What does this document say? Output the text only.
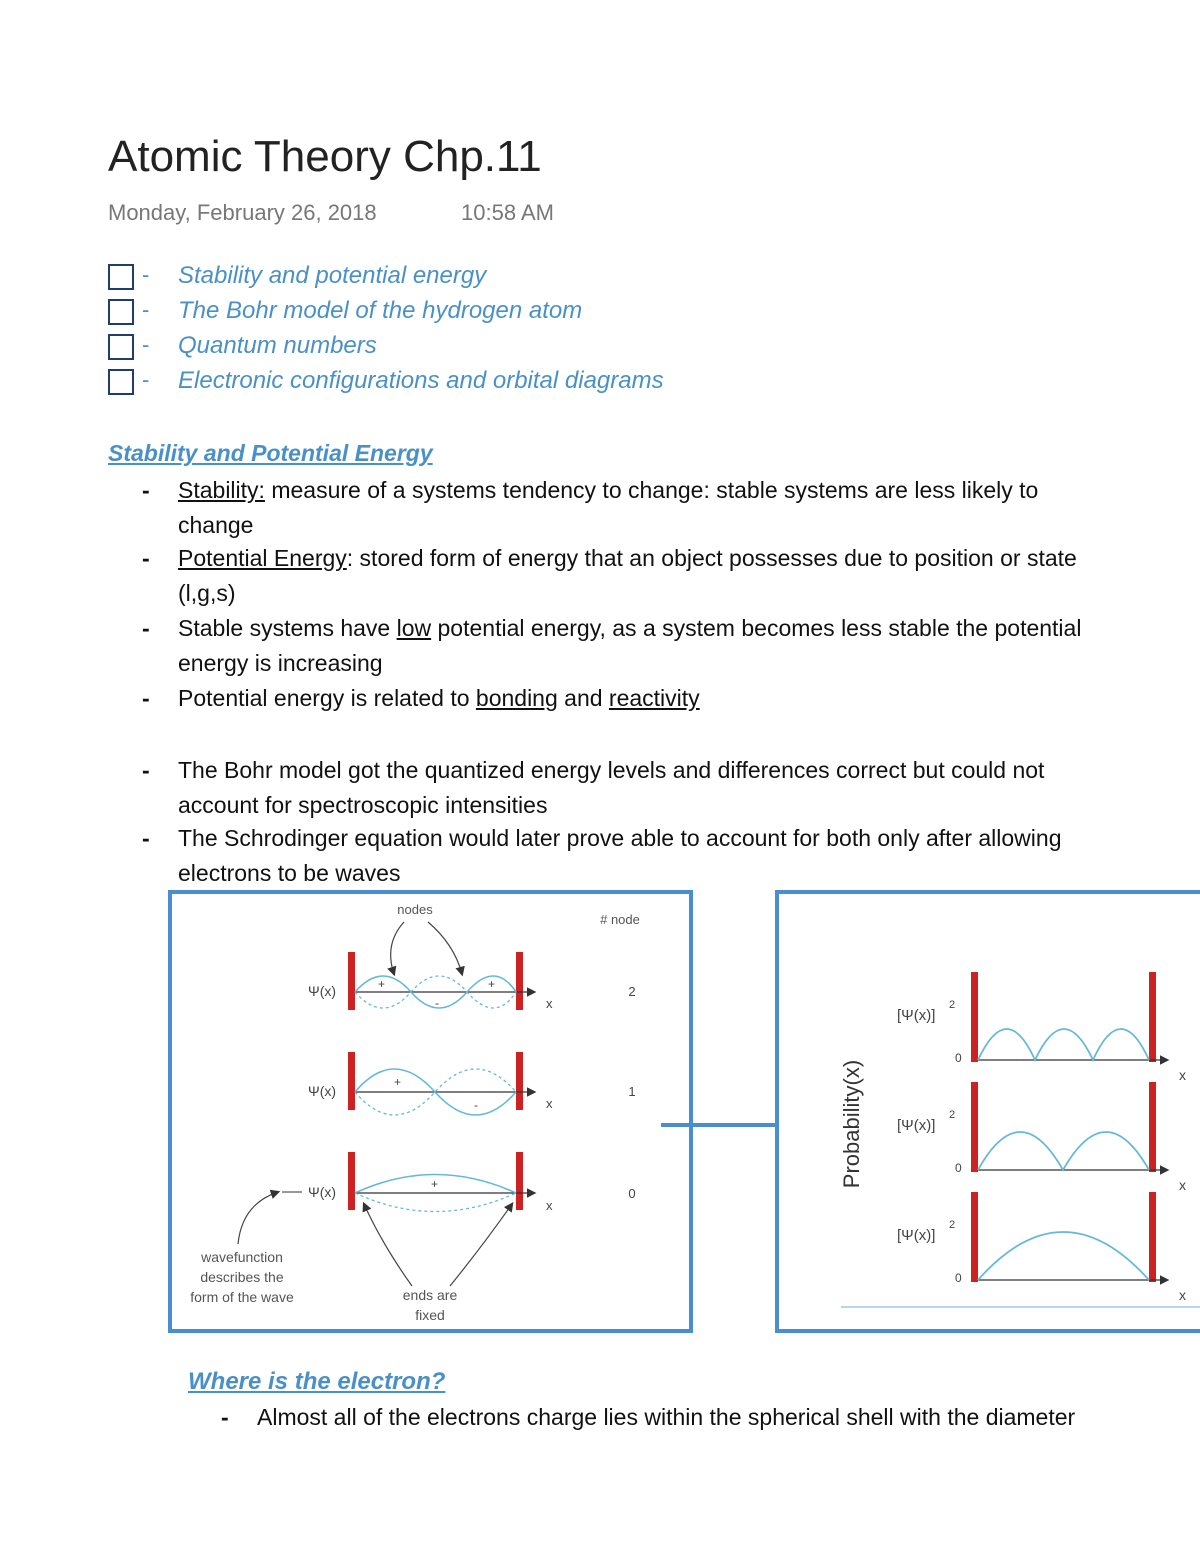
Atomic Theory Chp.11
Monday, February 26, 2018	10:58 AM
- Stability and potential energy
- The Bohr model of the hydrogen atom
- Quantum numbers
- Electronic configurations and orbital diagrams
Stability and Potential Energy
- Stability: measure of a systems tendency to change: stable systems are less likely to
change
- Potential Energy: stored form of energy that an object possesses due to position or state
(l,g,s)
- Stable systems have low potential energy, as a system becomes less stable the potential
energy is increasing
- Potential energy is related to bonding and reactivity
- The Bohr model got the quantized energy levels and differences correct but could not
account for spectroscopic intensities
- The Schrodinger equation would later prove able to account for both only after allowing
electrons to be waves
nodes
# node
Ψ(x)	+
-
+
x
2
Ψ(x)
+
-	x
1
Ψ(x)	+
x
0
wavefunction
describes the
form of the wave	ends are
fixed
Probability(x)
[Ψ(x)]
2
0
x
[Ψ(x)]
2
0
x
[Ψ(x)]
2
0
x
Where is the electron?
- Almost all of the electrons charge lies within the spherical shell with the diameter
